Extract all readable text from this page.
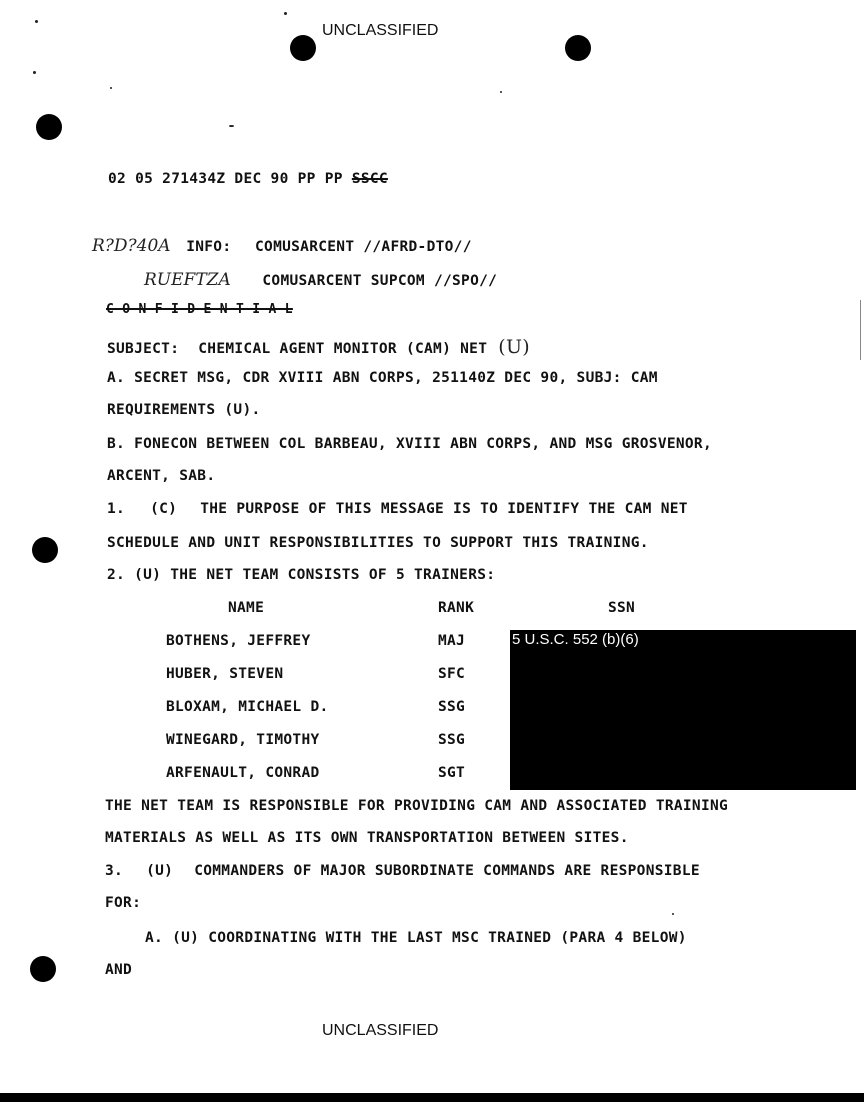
UNCLASSIFIED
02 05 271434Z DEC 90 PP PP SSCC
R?D?40A INFO: COMUSARCENT //AFRD-DTO//
RUEFTZA COMUSARCENT SUPCOM //SPO//
C O N F I D E N T I A L
SUBJECT: CHEMICAL AGENT MONITOR (CAM) NET (U)
A. SECRET MSG, CDR XVIII ABN CORPS, 251140Z DEC 90, SUBJ: CAM
REQUIREMENTS (U).
B. FONECON BETWEEN COL BARBEAU, XVIII ABN CORPS, AND MSG GROSVENOR,
ARCENT, SAB.
1. (C) THE PURPOSE OF THIS MESSAGE IS TO IDENTIFY THE CAM NET
SCHEDULE AND UNIT RESPONSIBILITIES TO SUPPORT THIS TRAINING.
2. (U) THE NET TEAM CONSISTS OF 5 TRAINERS:
NAME	RANK	SSN
BOTHENS, JEFFREY	MAJ
HUBER, STEVEN	SFC
BLOXAM, MICHAEL D.	SSG
WINEGARD, TIMOTHY	SSG
ARFENAULT, CONRAD	SGT
5 U.S.C. 552 (b)(6)
THE NET TEAM IS RESPONSIBLE FOR PROVIDING CAM AND ASSOCIATED TRAINING
MATERIALS AS WELL AS ITS OWN TRANSPORTATION BETWEEN SITES.
3. (U) COMMANDERS OF MAJOR SUBORDINATE COMMANDS ARE RESPONSIBLE
FOR:
A. (U) COORDINATING WITH THE LAST MSC TRAINED (PARA 4 BELOW)
AND
UNCLASSIFIED
